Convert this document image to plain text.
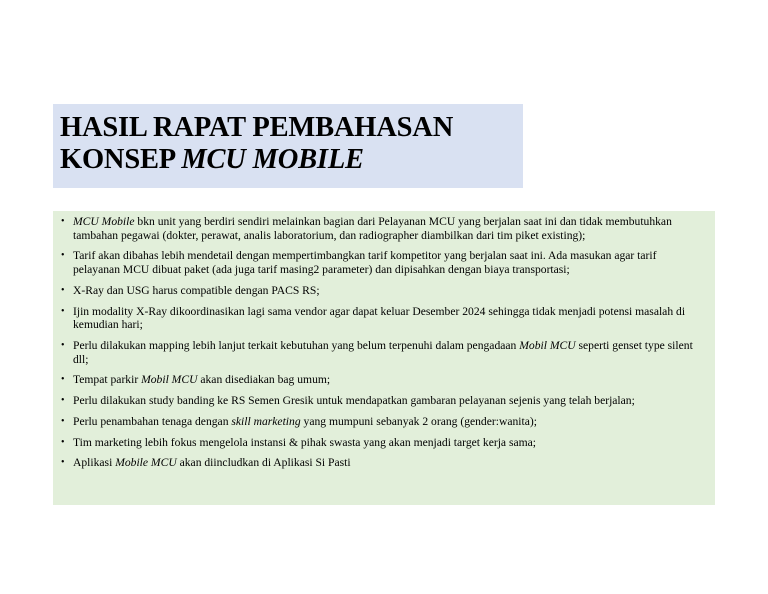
HASIL RAPAT PEMBAHASAN
KONSEP MCU MOBILE
• MCU Mobile bkn unit yang berdiri sendiri melainkan bagian dari Pelayanan MCU yang berjalan saat ini dan tidak membutuhkan tambahan pegawai (dokter, perawat, analis laboratorium, dan radiographer diambilkan dari tim piket existing);
• Tarif akan dibahas lebih mendetail dengan mempertimbangkan tarif kompetitor yang berjalan saat ini. Ada masukan agar tarif pelayanan MCU dibuat paket (ada juga tarif masing2 parameter) dan dipisahkan dengan biaya transportasi;
• X-Ray dan USG harus compatible dengan PACS RS;
• Ijin modality X-Ray dikoordinasikan lagi sama vendor agar dapat keluar Desember 2024 sehingga tidak menjadi potensi masalah di kemudian hari;
• Perlu dilakukan mapping lebih lanjut terkait kebutuhan yang belum terpenuhi dalam pengadaan Mobil MCU seperti genset type silent dll;
• Tempat parkir Mobil MCU akan disediakan bag umum;
• Perlu dilakukan study banding ke RS Semen Gresik untuk mendapatkan gambaran pelayanan sejenis yang telah berjalan;
• Perlu penambahan tenaga dengan skill marketing yang mumpuni sebanyak 2 orang (gender:wanita);
• Tim marketing lebih fokus mengelola instansi & pihak swasta yang akan menjadi target kerja sama;
• Aplikasi Mobile MCU akan diincludkan di Aplikasi Si Pasti
